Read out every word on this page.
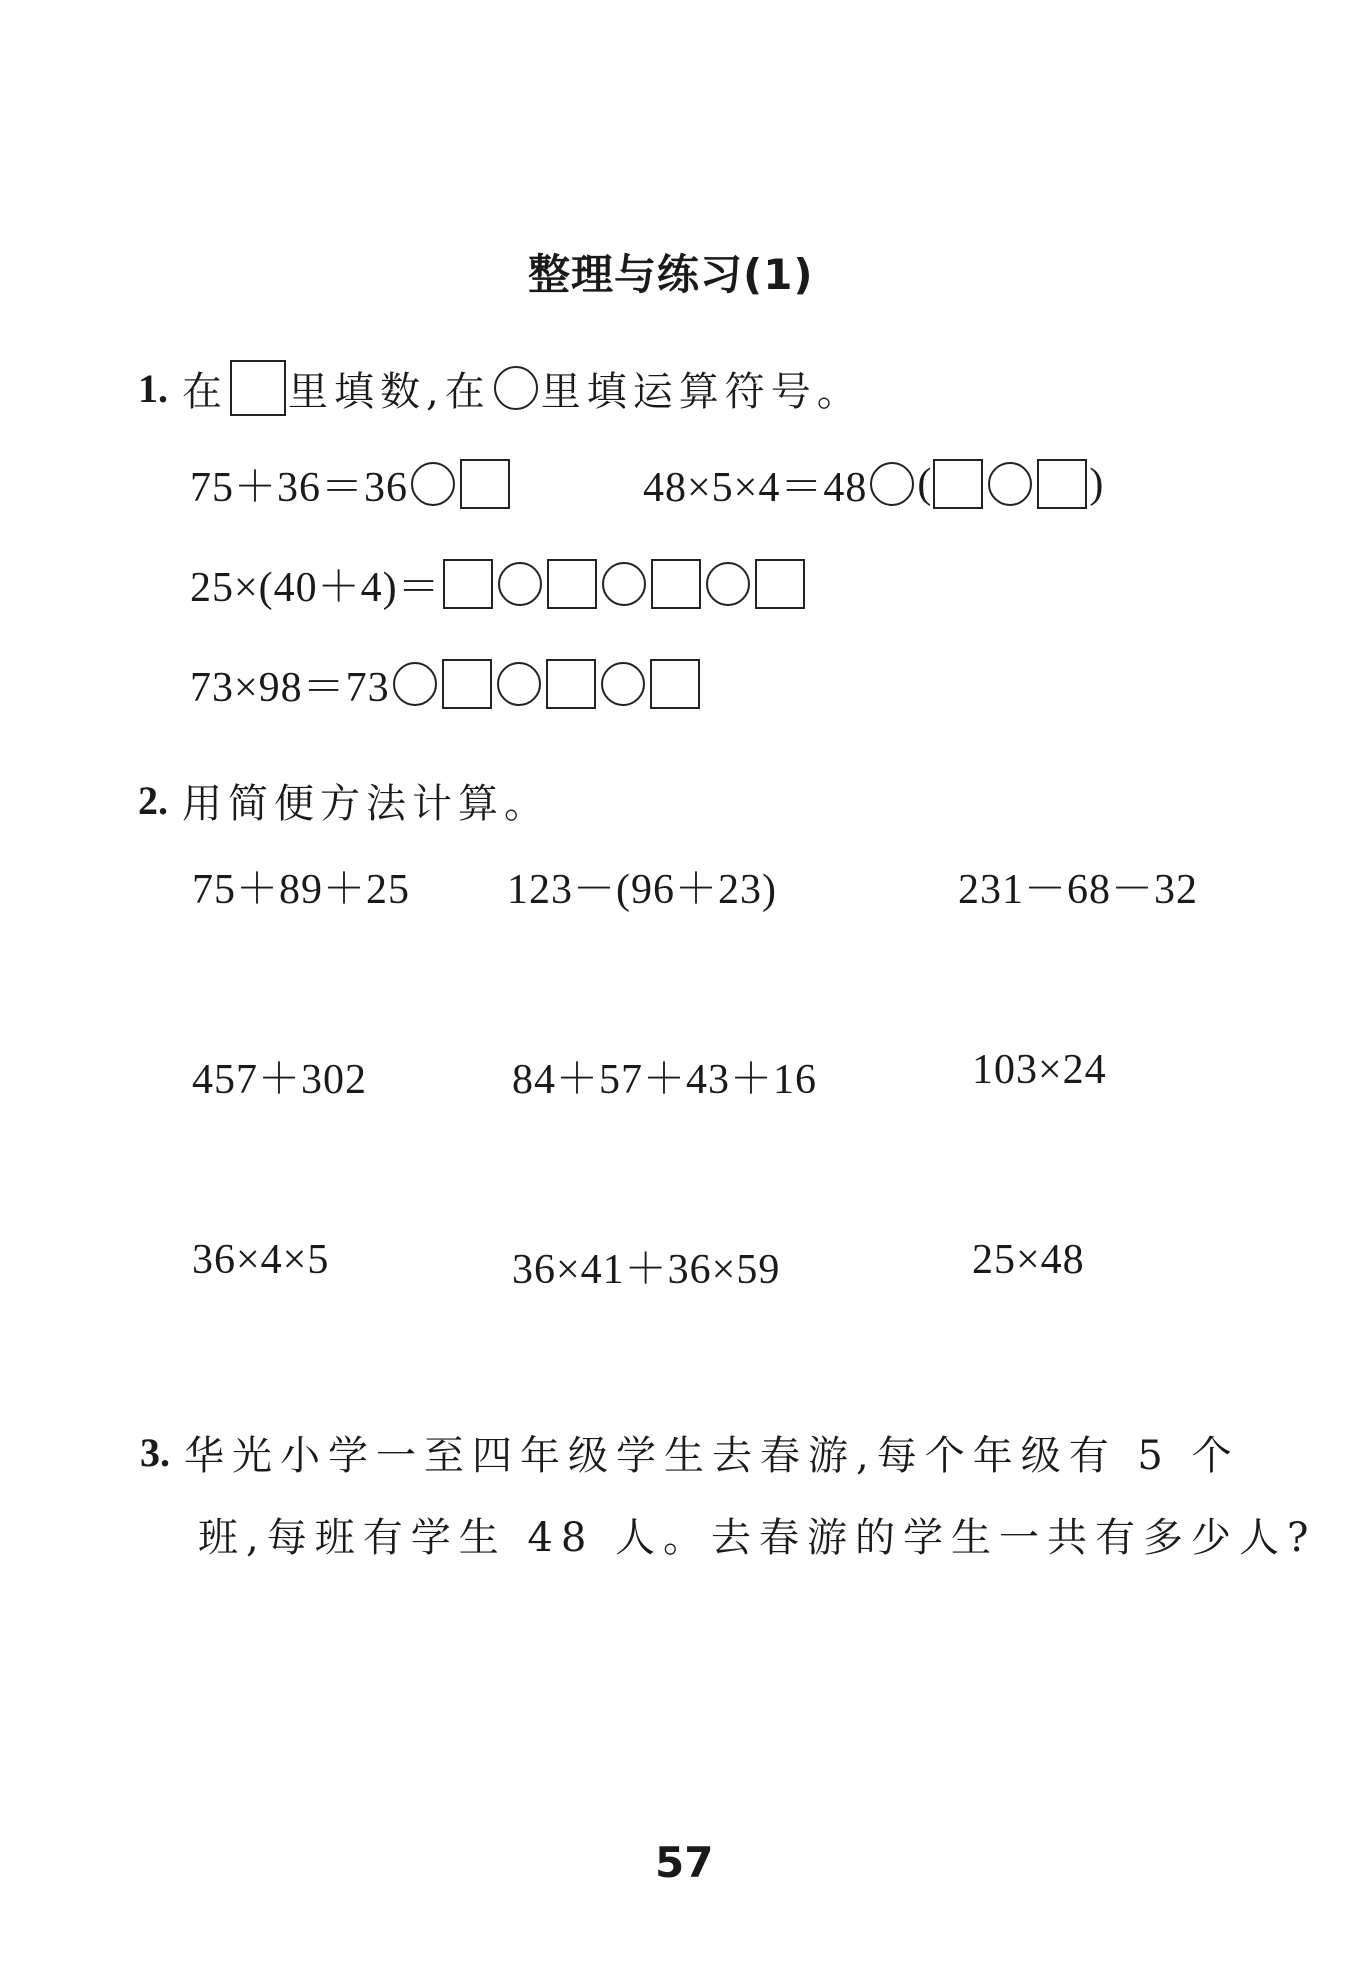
整理与练习(1)
1. 在 里填数,在 里填运算符号。
75＋36＝36	48×5×4＝48 (	)
25×(40＋4)＝
73×98＝73
2. 用简便方法计算。
75＋89＋25 123－(96＋23)	231－68－32
457＋302	84＋57＋43＋16	103×24
36×4×5	36×41＋36×59	25×48
3. 华光小学一至四年级学生去春游,每个年级有 5 个
班,每班有学生 48 人。去春游的学生一共有多少人?
57
